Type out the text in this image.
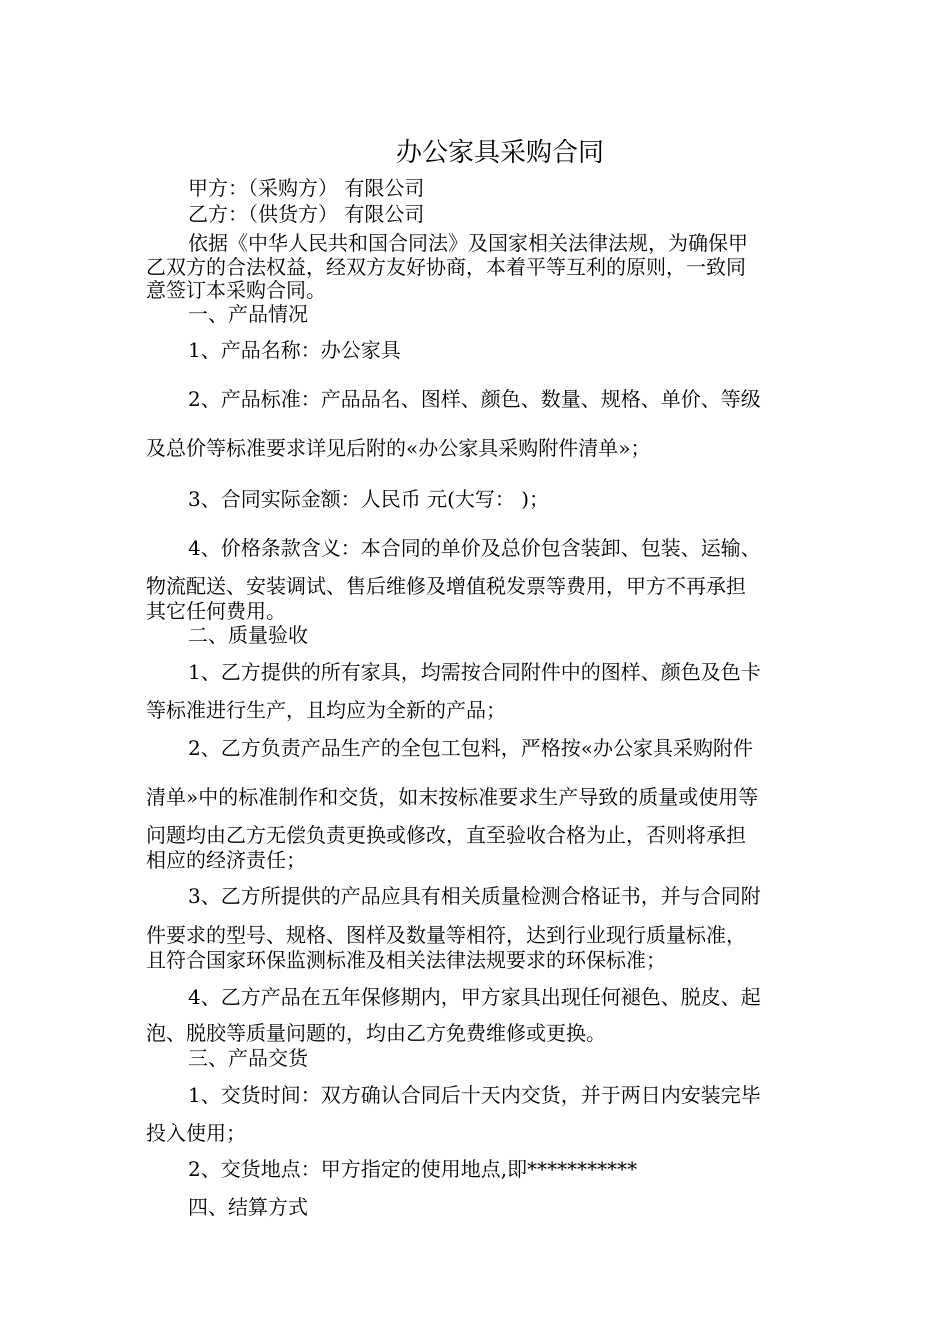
办公家具采购合同
甲方：（采购方） 有限公司
乙方：（供货方） 有限公司
依据《中华人民共和国合同法》及国家相关法律法规，为确保甲
乙双方的合法权益，经双方友好协商，本着平等互利的原则，一致同
意签订本采购合同。
一、产品情况
1、产品名称：办公家具
2、产品标准：产品品名、图样、颜色、数量、规格、单价、等级
及总价等标准要求详见后附的«办公家具采购附件清单»；
3、合同实际金额：人民币 元(大写： )；
4、价格条款含义：本合同的单价及总价包含装卸、包装、运输、
物流配送、安装调试、售后维修及增值税发票等费用，甲方不再承担
其它任何费用。
二、质量验收
1、乙方提供的所有家具，均需按合同附件中的图样、颜色及色卡
等标准进行生产，且均应为全新的产品；
2、乙方负责产品生产的全包工包料，严格按«办公家具采购附件
清单»中的标准制作和交货，如末按标准要求生产导致的质量或使用等
问题均由乙方无偿负责更换或修改，直至验收合格为止，否则将承担
相应的经济责任；
3、乙方所提供的产品应具有相关质量检测合格证书，并与合同附
件要求的型号、规格、图样及数量等相符，达到行业现行质量标准，
且符合国家环保监测标准及相关法律法规要求的环保标准；
4、乙方产品在五年保修期内，甲方家具出现任何褪色、脱皮、起
泡、脱胶等质量问题的，均由乙方免费维修或更换。
三、产品交货
1、交货时间：双方确认合同后十天内交货，并于两日内安装完毕
投入使用；
2、交货地点：甲方指定的使用地点,即***********
四、结算方式
